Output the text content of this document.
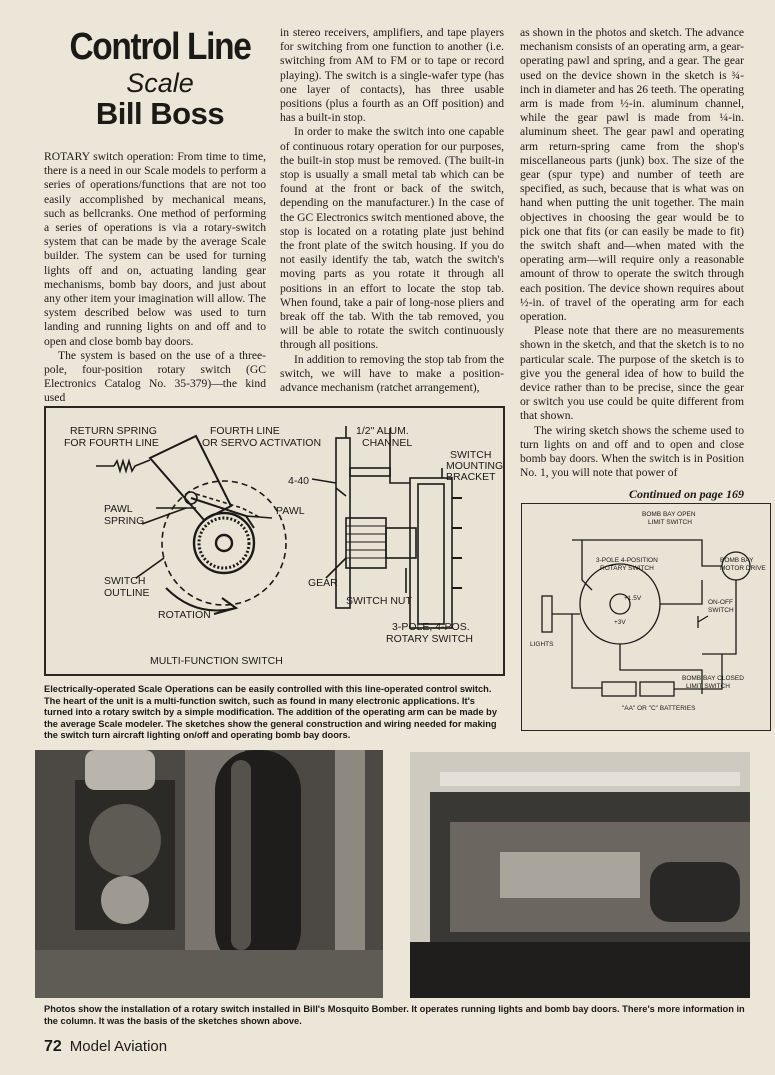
Control Line
Scale
Bill Boss

ROTARY switch operation: From time to time, there is a need in our Scale models to perform a series of operations/functions that are not too easily accomplished by mechanical means, such as bellcranks. One method of performing a series of operations is via a rotary-switch system that can be made by the average Scale builder. The system can be used for turning lights off and on, actuating landing gear mechanisms, bomb bay doors, and just about any other item your imagination will allow. The system described below was used to turn landing and running lights on and off and to open and close bomb bay doors.

The system is based on the use of a three-pole, four-position rotary switch (GC Electronics Catalog No. 35-379)—the kind used

in stereo receivers, amplifiers, and tape players for switching from one function to another (i.e. switching from AM to FM or to tape or record playing). The switch is a single-wafer type (has one layer of contacts), has three usable positions (plus a fourth as an Off position) and has a built-in stop.

In order to make the switch into one capable of continuous rotary operation for our purposes, the built-in stop must be removed. (The built-in stop is usually a small metal tab which can be found at the front or back of the switch, depending on the manufacturer.) In the case of the GC Electronics switch mentioned above, the stop is located on a rotating plate just behind the front plate of the switch housing. If you do not easily identify the tab, watch the switch's moving parts as you rotate it through all positions in an effort to locate the stop tab. When found, take a pair of long-nose pliers and break off the tab. With the tab removed, you will be able to rotate the switch continuously through all positions.

In addition to removing the stop tab from the switch, we will have to make a position-advance mechanism (ratchet arrangement),

as shown in the photos and sketch. The advance mechanism consists of an operating arm, a gear-operating pawl and spring, and a gear. The gear used on the device shown in the sketch is ¾-inch in diameter and has 26 teeth. The operating arm is made from ½-in. aluminum channel, while the gear pawl is made from ¼-in. aluminum sheet. The gear pawl and operating arm return-spring came from the shop's miscellaneous parts (junk) box. The size of the gear (spur type) and number of teeth are specified, as such, because that is what was on hand when putting the unit together. The main objectives in choosing the gear would be to pick one that fits (or can easily be made to fit) the switch shaft and—when mated with the operating arm—will require only a reasonable amount of throw to operate the switch through each position. The device shown requires about ½-in. of travel of the operating arm for each operation.

Please note that there are no measurements shown in the sketch, and that the sketch is to no particular scale. The purpose of the sketch is to give you the general idea of how to build the device rather than to be precise, since the gear or switch you use could be quite different from that shown.

The wiring sketch shows the scheme used to turn lights on and off and to open and close bomb bay doors. When the switch is in Position No. 1, you will note that power of

Continued on page 169
RETURN SPRING
FOR FOURTH LINE
FOURTH LINE
OR SERVO ACTIVATION
1/2" ALUM.
CHANNEL
SWITCH
MOUNTING
BRACKET
4-40
PAWL
PAWL
SPRING
SWITCH
OUTLINE
GEAR
SWITCH NUT
ROTATION
3-POLE, 4-POS.
ROTARY SWITCH
MULTI-FUNCTION SWITCH
BOMB BAY OPEN
LIMIT SWITCH
3-POLE 4-POSITION
ROTARY SWITCH
BOMB BAY
MOTOR DRIVE
ON-OFF
SWITCH
+1.5V
+3V
LIGHTS
BOMB BAY CLOSED
LIMIT SWITCH
"AA" OR "C" BATTERIES
Electrically-operated Scale Operations can be easily controlled with this line-operated control switch. The heart of the unit is a multi-function switch, such as found in many electronic applications. It's turned into a rotary switch by a simple modification. The addition of the operating arm can be made by the average Scale modeler. The sketches show the general construction and wiring needed for making the switch turn aircraft lighting on/off and operating bomb bay doors.
Photos show the installation of a rotary switch installed in Bill's Mosquito Bomber. It operates running lights and bomb bay doors. There's more information in the column. It was the basis of the sketches shown above.
72 Model Aviation
